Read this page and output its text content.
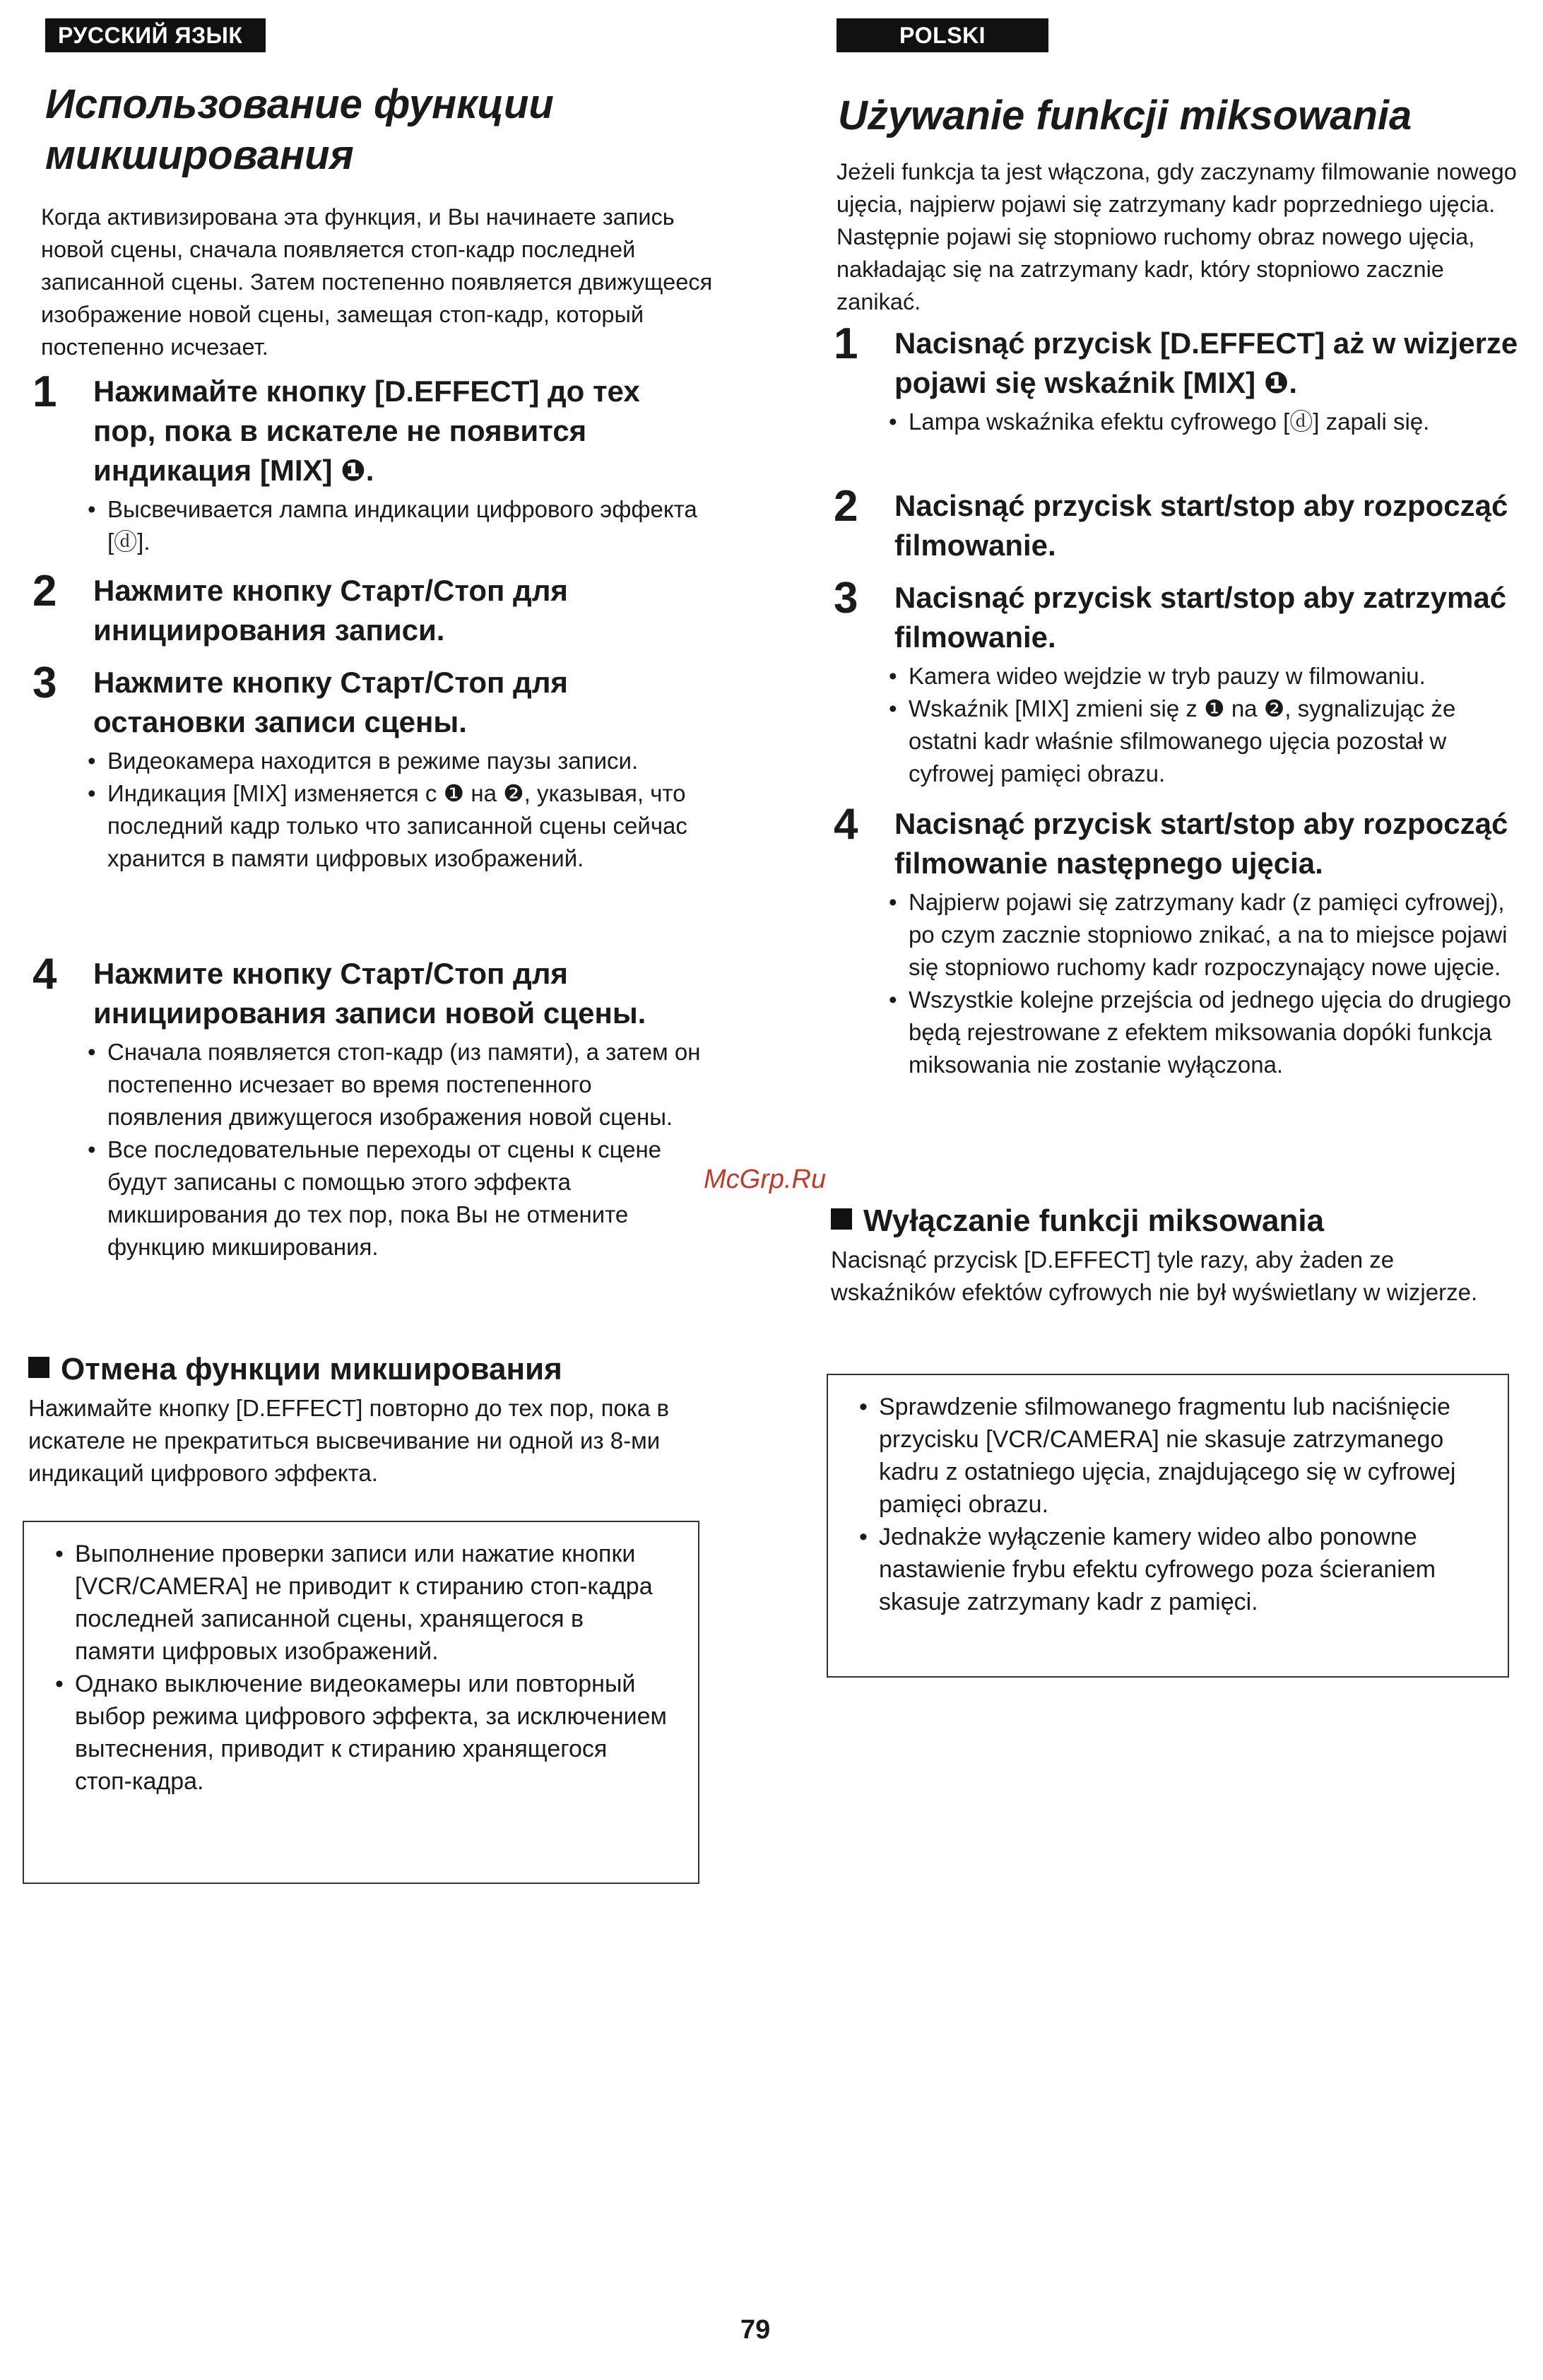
РУССКИЙ ЯЗЫК
Использование функции микширования

Когда активизирована эта функция, и Вы начинаете запись новой сцены, сначала появляется стоп-кадр последней записанной сцены. Затем постепенно появляется движущееся изображение новой сцены, замещая стоп-кадр, который постепенно исчезает.

1 Нажимайте кнопку [D.EFFECT] до тех пор, пока в искателе не появится индикация [MIX] ❶.

• Высвечивается лампа индикации цифрового эффекта [ⓓ].
2 Нажмите кнопку Старт/Стоп для инициирования записи.

3 Нажмите кнопку Старт/Стоп для остановки записи сцены.

• Видеокамера находится в режиме паузы записи.
• Индикация [MIX] изменяется с ❶ на ❷, указывая, что последний кадр только что записанной сцены сейчас хранится в памяти цифровых изображений.
4 Нажмите кнопку Старт/Стоп для инициирования записи новой сцены.

• Сначала появляется стоп-кадр (из памяти), а затем он постепенно исчезает во время постепенного появления движущегося изображения новой сцены.
• Все последовательные переходы от сцены к сцене будут записаны с помощью этого эффекта микширования до тех пор, пока Вы не отмените функцию микширования.
Отмена функции микширования

Нажимайте кнопку [D.EFFECT] повторно до тех пор, пока в искателе не прекратиться высвечивание ни одной из 8-ми индикаций цифрового эффекта.

• Выполнение проверки записи или нажатие кнопки [VCR/CAMERA] не приводит к стиранию стоп-кадра последней записанной сцены, хранящегося в памяти цифровых изображений.
• Однако выключение видеокамеры или повторный выбор режима цифрового эффекта, за исключением вытеснения, приводит к стиранию хранящегося стоп-кадра.
POLSKI
Używanie funkcji miksowania

Jeżeli funkcja ta jest włączona, gdy zaczynamy filmowanie nowego ujęcia, najpierw pojawi się zatrzymany kadr poprzedniego ujęcia. Następnie pojawi się stopniowo ruchomy obraz nowego ujęcia, nakładając się na zatrzymany kadr, który stopniowo zacznie zanikać.

1 Nacisnąć przycisk [D.EFFECT] aż w wizjerze pojawi się wskaźnik [MIX] ❶.

• Lampa wskaźnika efektu cyfrowego [ⓓ] zapali się.
2 Nacisnąć przycisk start/stop aby rozpocząć filmowanie.

3 Nacisnąć przycisk start/stop aby zatrzymać filmowanie.

• Kamera wideo wejdzie w tryb pauzy w filmowaniu.
• Wskaźnik [MIX] zmieni się z ❶ na ❷, sygnalizując że ostatni kadr właśnie sfilmowanego ujęcia pozostał w cyfrowej pamięci obrazu.
4 Nacisnąć przycisk start/stop aby rozpocząć filmowanie następnego ujęcia.

• Najpierw pojawi się zatrzymany kadr (z pamięci cyfrowej), po czym zacznie stopniowo znikać, a na to miejsce pojawi się stopniowo ruchomy kadr rozpoczynający nowe ujęcie.
• Wszystkie kolejne przejścia od jednego ujęcia do drugiego będą rejestrowane z efektem miksowania dopóki funkcja miksowania nie zostanie wyłączona.
Wyłączanie funkcji miksowania

Nacisnąć przycisk [D.EFFECT] tyle razy, aby żaden ze wskaźników efektów cyfrowych nie był wyświetlany w wizjerze.

• Sprawdzenie sfilmowanego fragmentu lub naciśnięcie przycisku [VCR/CAMERA] nie skasuje zatrzymanego kadru z ostatniego ujęcia, znajdującego się w cyfrowej pamięci obrazu.
• Jednakże wyłączenie kamery wideo albo ponowne nastawienie frybu efektu cyfrowego poza ścieraniem skasuje zatrzymany kadr z pamięci.
McGrp.Ru
79
